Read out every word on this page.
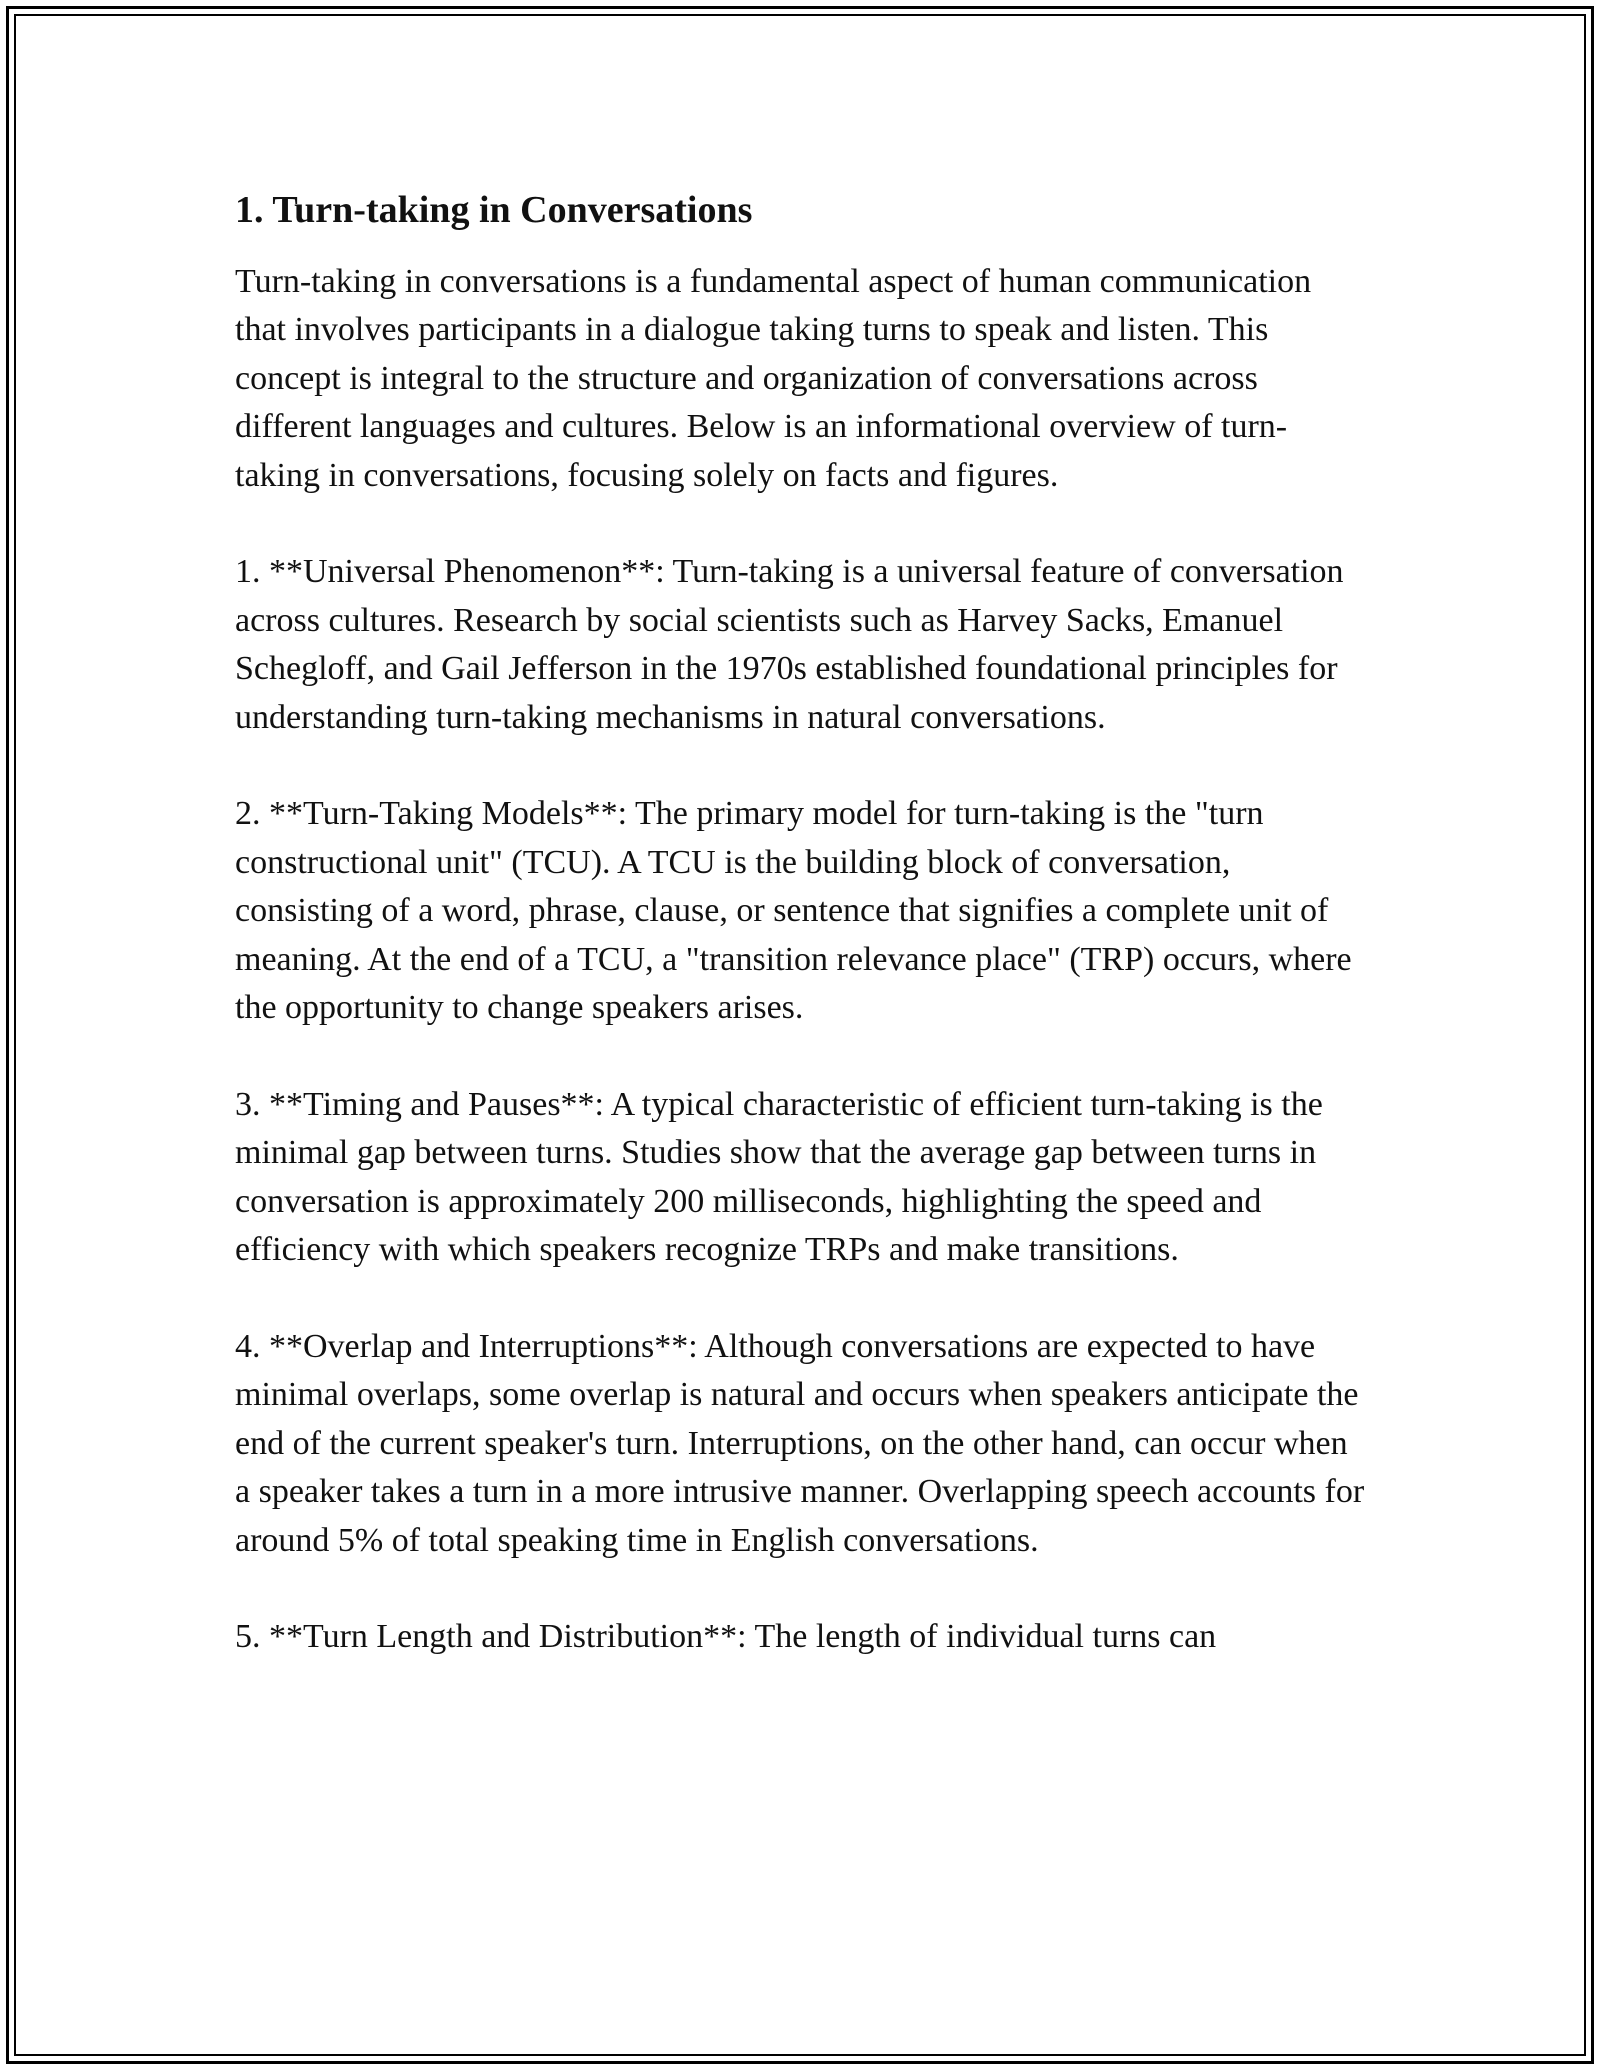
1. Turn-taking in Conversations

Turn-taking in conversations is a fundamental aspect of human communication that involves participants in a dialogue taking turns to speak and listen. This concept is integral to the structure and organization of conversations across different languages and cultures. Below is an informational overview of turn-taking in conversations, focusing solely on facts and figures.

1. **Universal Phenomenon**: Turn-taking is a universal feature of conversation across cultures. Research by social scientists such as Harvey Sacks, Emanuel Schegloff, and Gail Jefferson in the 1970s established foundational principles for understanding turn-taking mechanisms in natural conversations.

2. **Turn-Taking Models**: The primary model for turn-taking is the "turn constructional unit" (TCU). A TCU is the building block of conversation, consisting of a word, phrase, clause, or sentence that signifies a complete unit of meaning. At the end of a TCU, a "transition relevance place" (TRP) occurs, where the opportunity to change speakers arises.

3. **Timing and Pauses**: A typical characteristic of efficient turn-taking is the minimal gap between turns. Studies show that the average gap between turns in conversation is approximately 200 milliseconds, highlighting the speed and efficiency with which speakers recognize TRPs and make transitions.

4. **Overlap and Interruptions**: Although conversations are expected to have minimal overlaps, some overlap is natural and occurs when speakers anticipate the end of the current speaker's turn. Interruptions, on the other hand, can occur when a speaker takes a turn in a more intrusive manner. Overlapping speech accounts for around 5% of total speaking time in English conversations.

5. **Turn Length and Distribution**: The length of individual turns can
